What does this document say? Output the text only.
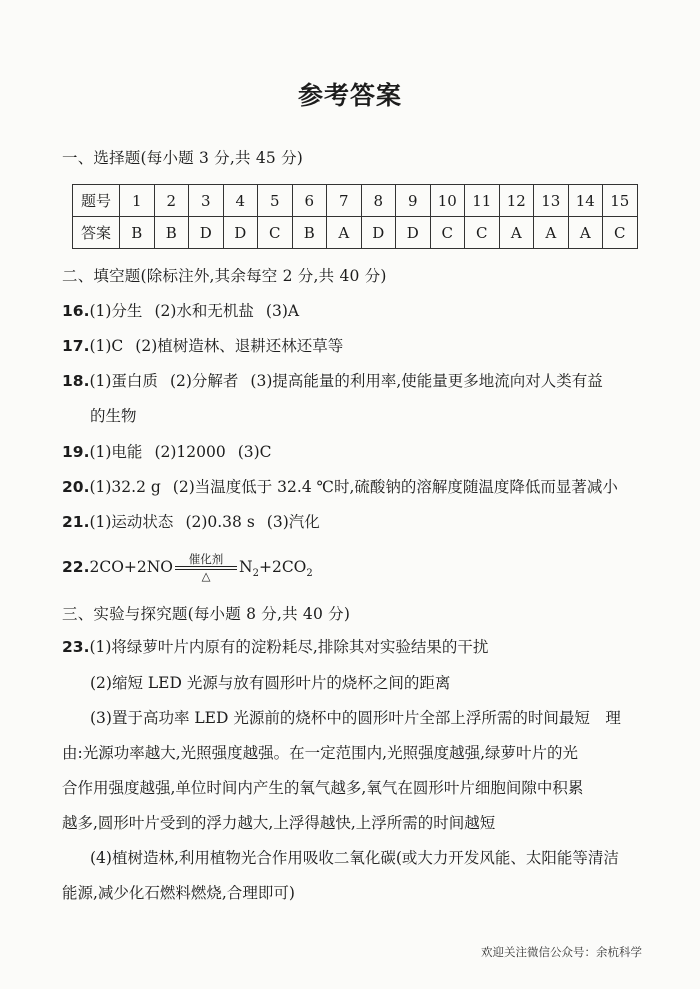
参考答案
一、选择题(每小题 3 分,共 45 分)
题号	1	2	3	4	5	6	7	8	9	10	11	12	13	14	15
答案	B	B	D	D	C	B	A	D	D	C	C	A	A	A	C
二、填空题(除标注外,其余每空 2 分,共 40 分)
16.(1)分生 (2)水和无机盐 (3)A
17.(1)C (2)植树造林、退耕还林还草等
18.(1)蛋白质 (2)分解者 (3)提高能量的利用率,使能量更多地流向对人类有益
的生物
19.(1)电能 (2)12000 (3)C
20.(1)32.2 g (2)当温度低于 32.4 ℃时,硫酸钠的溶解度随温度降低而显著减小
21.(1)运动状态 (2)0.38 s (3)汽化
22.2CO+2NO 催化剂
△ $N_2+2CO_2$
三、实验与探究题(每小题 8 分,共 40 分)
23.(1)将绿萝叶片内原有的淀粉耗尽,排除其对实验结果的干扰
(2)缩短 LED 光源与放有圆形叶片的烧杯之间的距离
(3)置于高功率 LED 光源前的烧杯中的圆形叶片全部上浮所需的时间最短　理
由:光源功率越大,光照强度越强。在一定范围内,光照强度越强,绿萝叶片的光
合作用强度越强,单位时间内产生的氧气越多,氧气在圆形叶片细胞间隙中积累
越多,圆形叶片受到的浮力越大,上浮得越快,上浮所需的时间越短
(4)植树造林,利用植物光合作用吸收二氧化碳(或大力开发风能、太阳能等清洁
能源,减少化石燃料燃烧,合理即可)
欢迎关注微信公众号：余杭科学
